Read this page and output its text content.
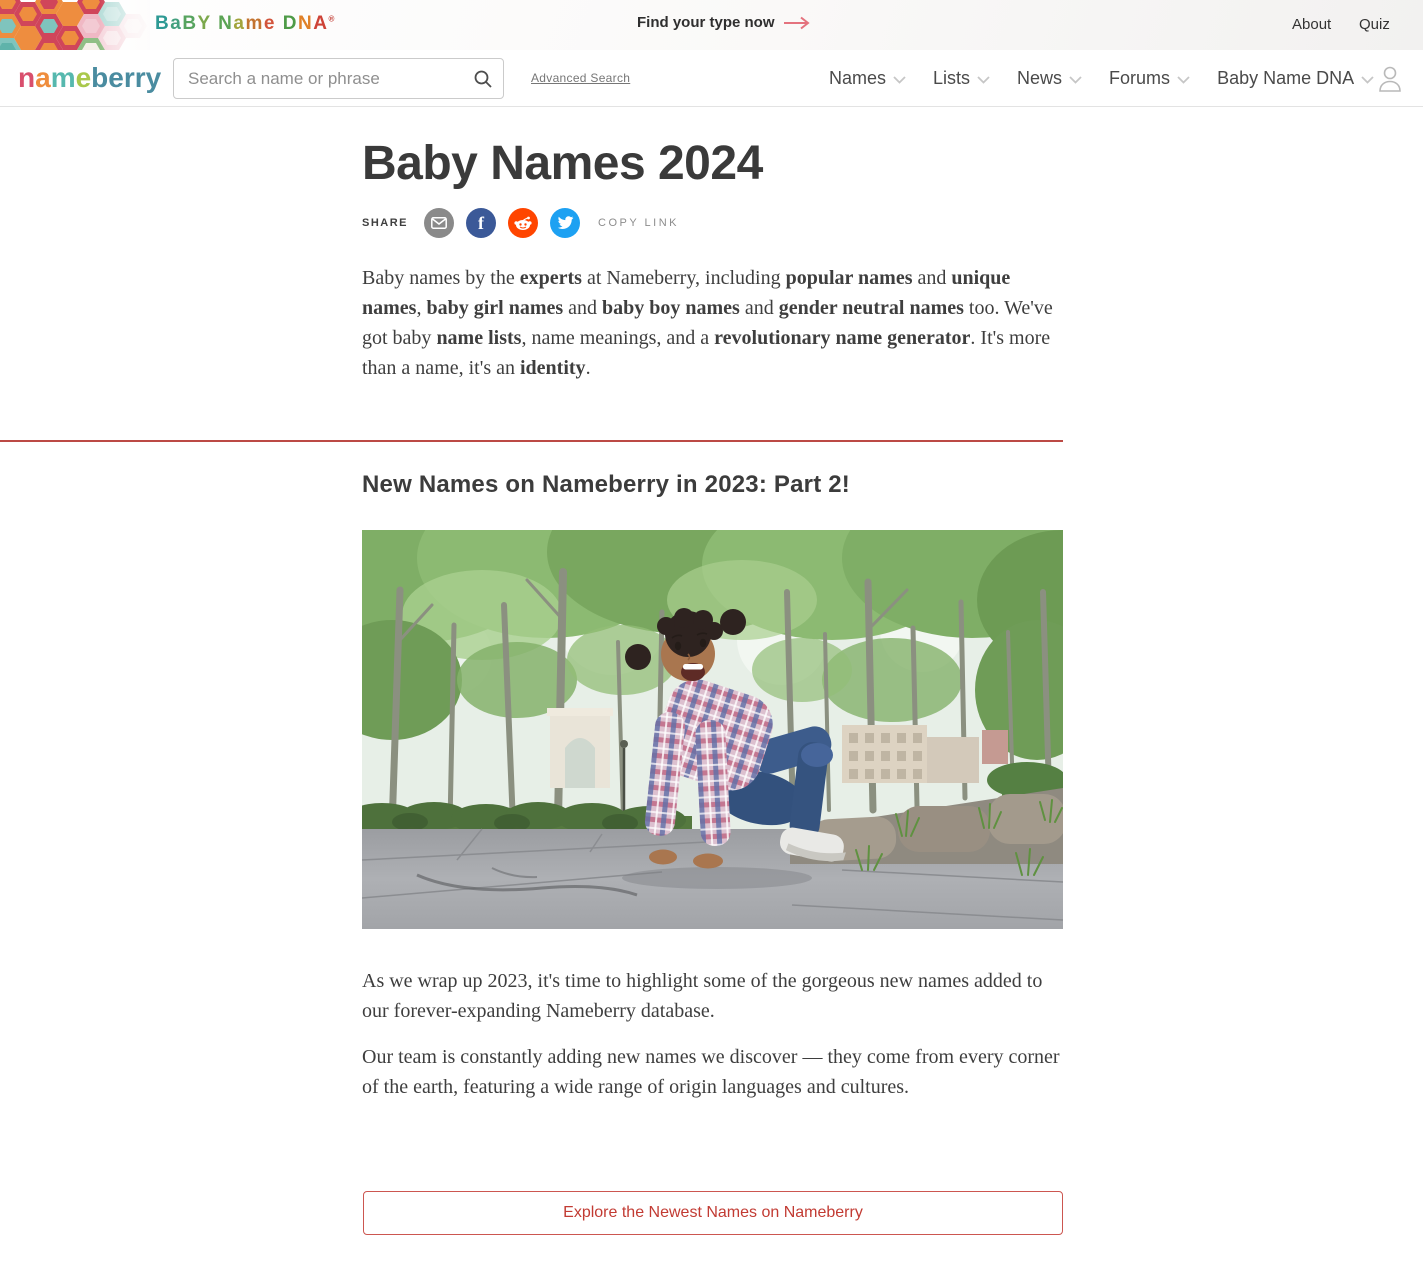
BaBY Name DNA®	Find your type now	About Quiz
nameberry
Search a name or phrase	Advanced Search	Names	Lists	News	Forums	Baby Name DNA
Baby Names 2024
SHARE	f	COPY LINK

Baby names by the experts at Nameberry, including popular names and unique names, baby girl names and baby boy names and gender neutral names too. We've got baby name lists, name meanings, and a revolutionary name generator. It's more than a name, it's an identity.

New Names on Nameberry in 2023: Part 2!

As we wrap up 2023, it's time to highlight some of the gorgeous new names added to our forever-expanding Nameberry database.

Our team is constantly adding new names we discover — they come from every corner of the earth, featuring a wide range of origin languages and cultures.

Explore the Newest Names on Nameberry
